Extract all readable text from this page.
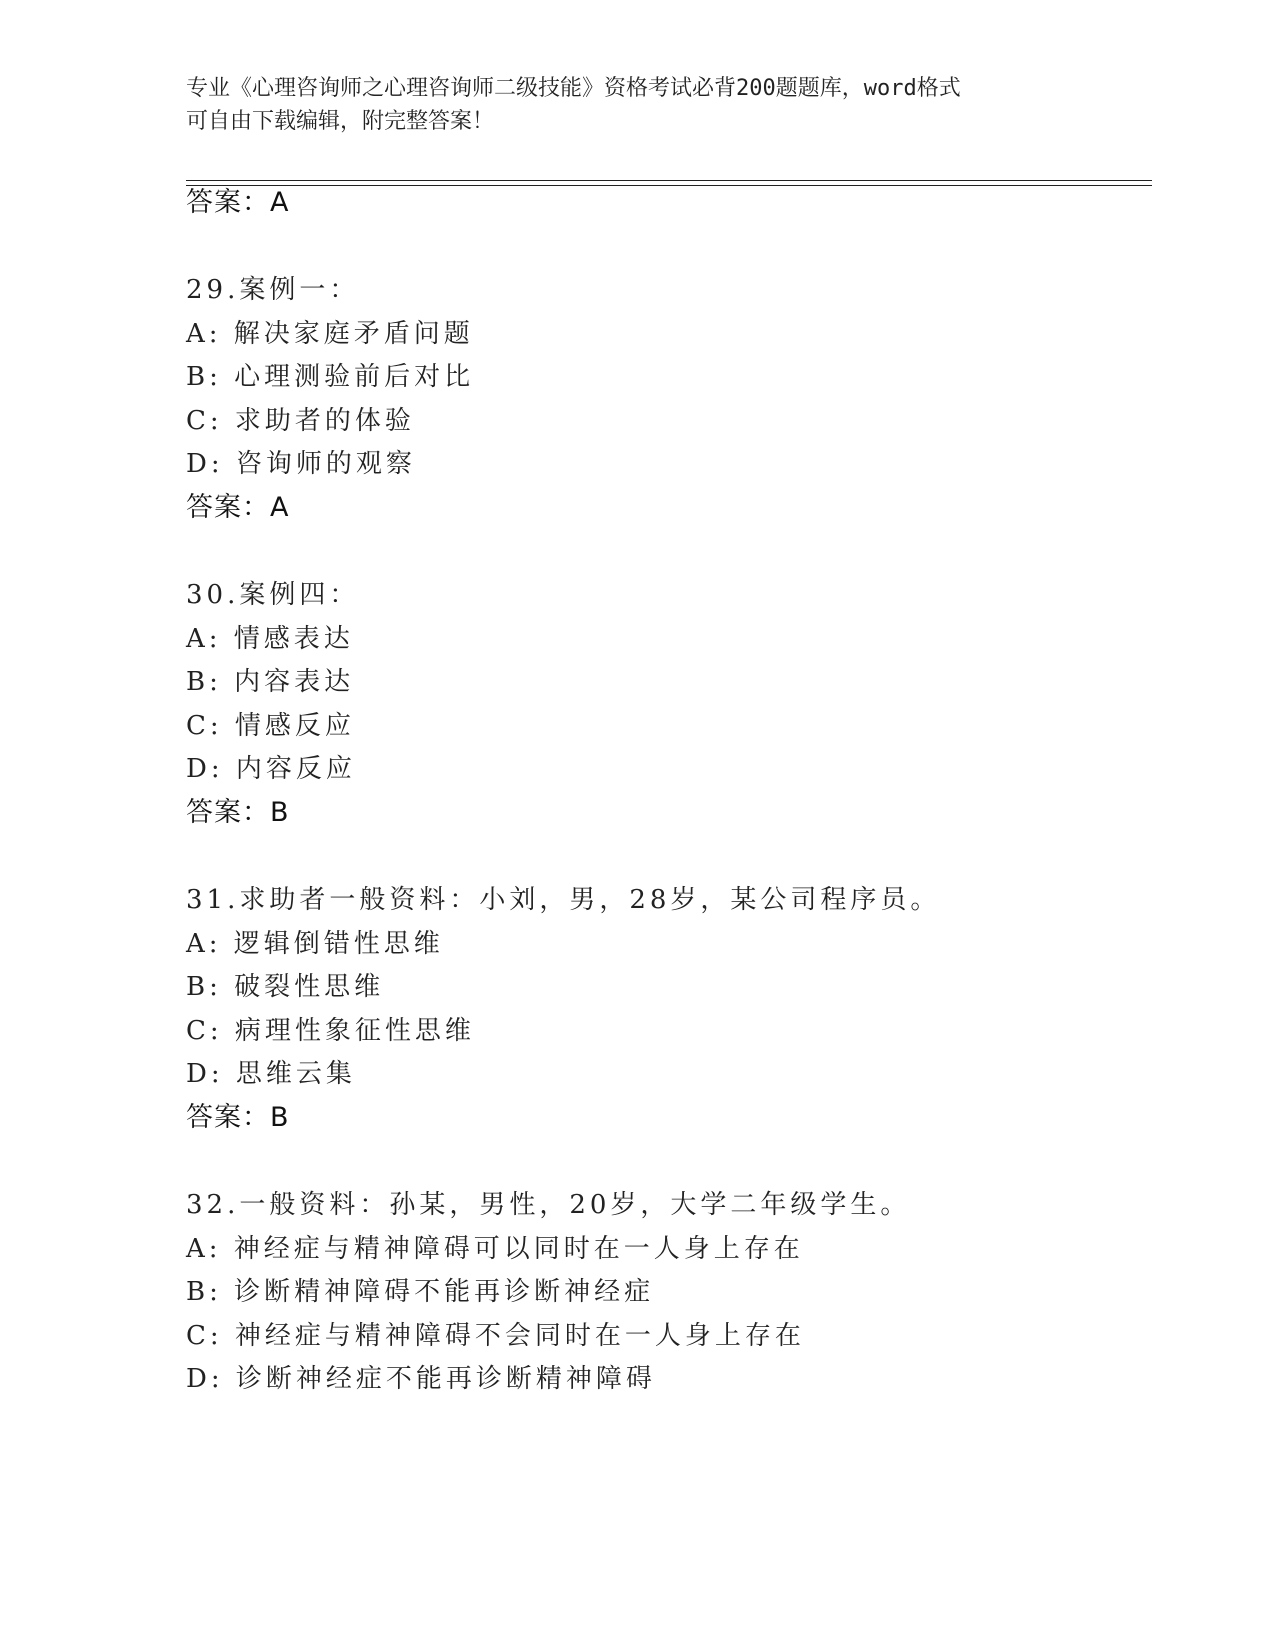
专业《心理咨询师之心理咨询师二级技能》资格考试必背200题题库，word格式

可自由下载编辑，附完整答案！

答案：A
29.案例一：
A: 解决家庭矛盾问题
B: 心理测验前后对比
C: 求助者的体验
D: 咨询师的观察
答案：A
30.案例四：
A: 情感表达
B: 内容表达
C: 情感反应
D: 内容反应
答案：B
31.求助者一般资料：小刘，男，28岁，某公司程序员。
A: 逻辑倒错性思维
B: 破裂性思维
C: 病理性象征性思维
D: 思维云集
答案：B
32.一般资料：孙某，男性，20岁，大学二年级学生。
A: 神经症与精神障碍可以同时在一人身上存在
B: 诊断精神障碍不能再诊断神经症
C: 神经症与精神障碍不会同时在一人身上存在
D: 诊断神经症不能再诊断精神障碍
